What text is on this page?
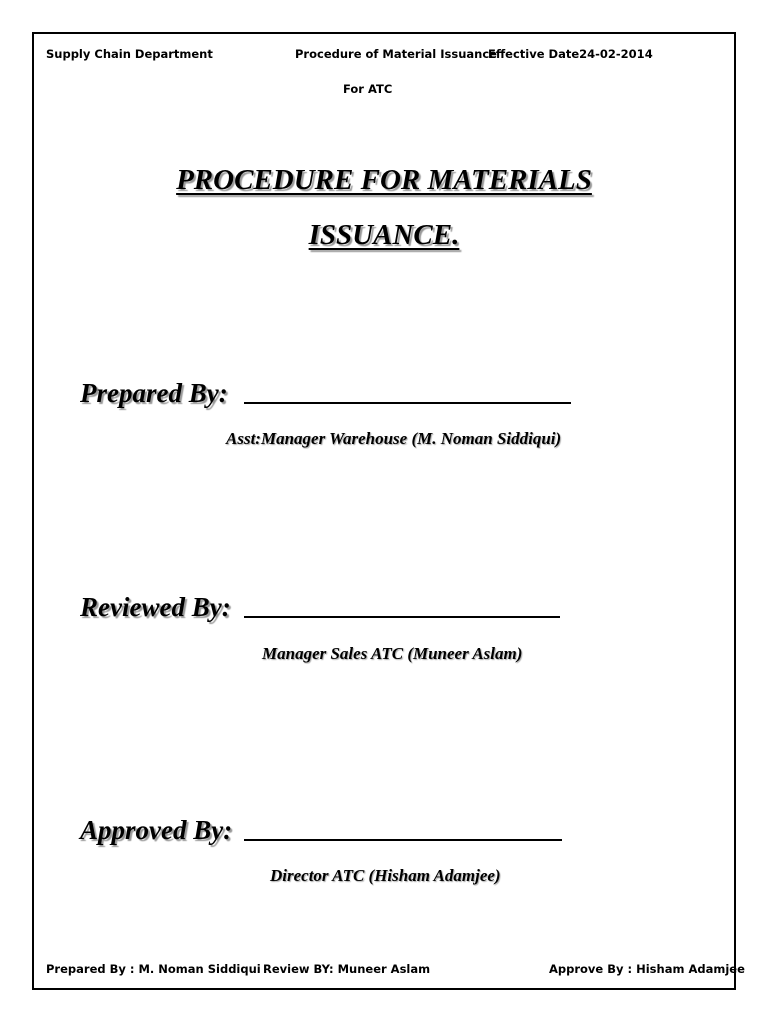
Supply Chain Department	Procedure of Material Issuance
Effective Date24-02-2014
For ATC
PROCEDURE FOR MATERIALS
ISSUANCE.
Prepared By:
Asst:Manager Warehouse (M. Noman Siddiqui)
Reviewed By:
Manager Sales ATC (Muneer Aslam)
Approved By:
Director ATC (Hisham Adamjee)
Prepared By : M. Noman Siddiqui Review BY: Muneer Aslam	Approve By : Hisham Adamjee
